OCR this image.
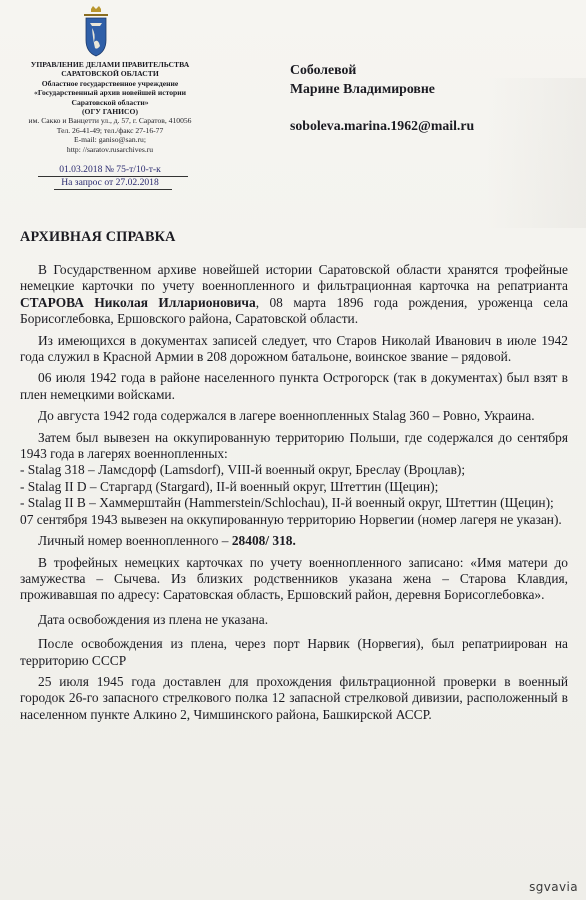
УПРАВЛЕНИЕ ДЕЛАМИ ПРАВИТЕЛЬСТВА
САРАТОВСКОЙ ОБЛАСТИ
Областное государственное учреждение
«Государственный архив новейшей истории
Саратовской области»
(ОГУ ГАНИСО)
им. Сакко и Ванцетти ул., д. 57, г. Саратов, 410056
Тел. 26-41-49; тел./факс 27-16-77
E-mail: ganiso@san.ru;
http: //saratov.rusarchives.ru
01.03.2018 № 75-т/10-т-к
На запрос от 27.02.2018
Соболевой
Марине Владимировне
soboleva.marina.1962@mail.ru
АРХИВНАЯ СПРАВКА

В Государственном архиве новейшей истории Саратовской области хранятся трофейные немецкие карточки по учету военнопленного и фильтрационная карточка на репатрианта СТАРОВА Николая Илларионовича, 08 марта 1896 года рождения, уроженца села Борисоглебовка, Ершовского района, Саратовской области.

Из имеющихся в документах записей следует, что Старов Николай Иванович в июле 1942 года служил в Красной Армии в 208 дорожном батальоне, воинское звание – рядовой.

06 июля 1942 года в районе населенного пункта Острогорск (так в документах) был взят в плен немецкими войсками.

До августа 1942 года содержался в лагере военнопленных Stalag 360 – Ровно, Украина.

Затем был вывезен на оккупированную территорию Польши, где содержался до сентября 1943 года в лагерях военнопленных:

- Stalag 318 – Ламсдорф (Lamsdorf), VIII-й военный округ, Бреслау (Вроцлав);

- Stalag II D – Старгард (Stargard), II-й военный округ, Штеттин (Щецин);

- Stalag II B – Хаммерштайн (Hammerstein/Schlochau), II-й военный округ, Штеттин (Щецин);

07 сентября 1943 вывезен на оккупированную территорию Норвегии (номер лагеря не указан).

Личный номер военнопленного – 28408/ 318.

В трофейных немецких карточках по учету военнопленного записано: «Имя матери до замужества – Сычева. Из близких родственников указана жена – Старова Клавдия, проживавшая по адресу: Саратовская область, Ершовский район, деревня Борисоглебовка».

Дата освобождения из плена не указана.

После освобождения из плена, через порт Нарвик (Норвегия), был репатриирован на территорию СССР

25 июля 1945 года доставлен для прохождения фильтрационной проверки в военный городок 26-го запасного стрелкового полка 12 запасной стрелковой дивизии, расположенный в населенном пункте Алкино 2, Чимшинского района, Башкирской АССР.

sgvavia
